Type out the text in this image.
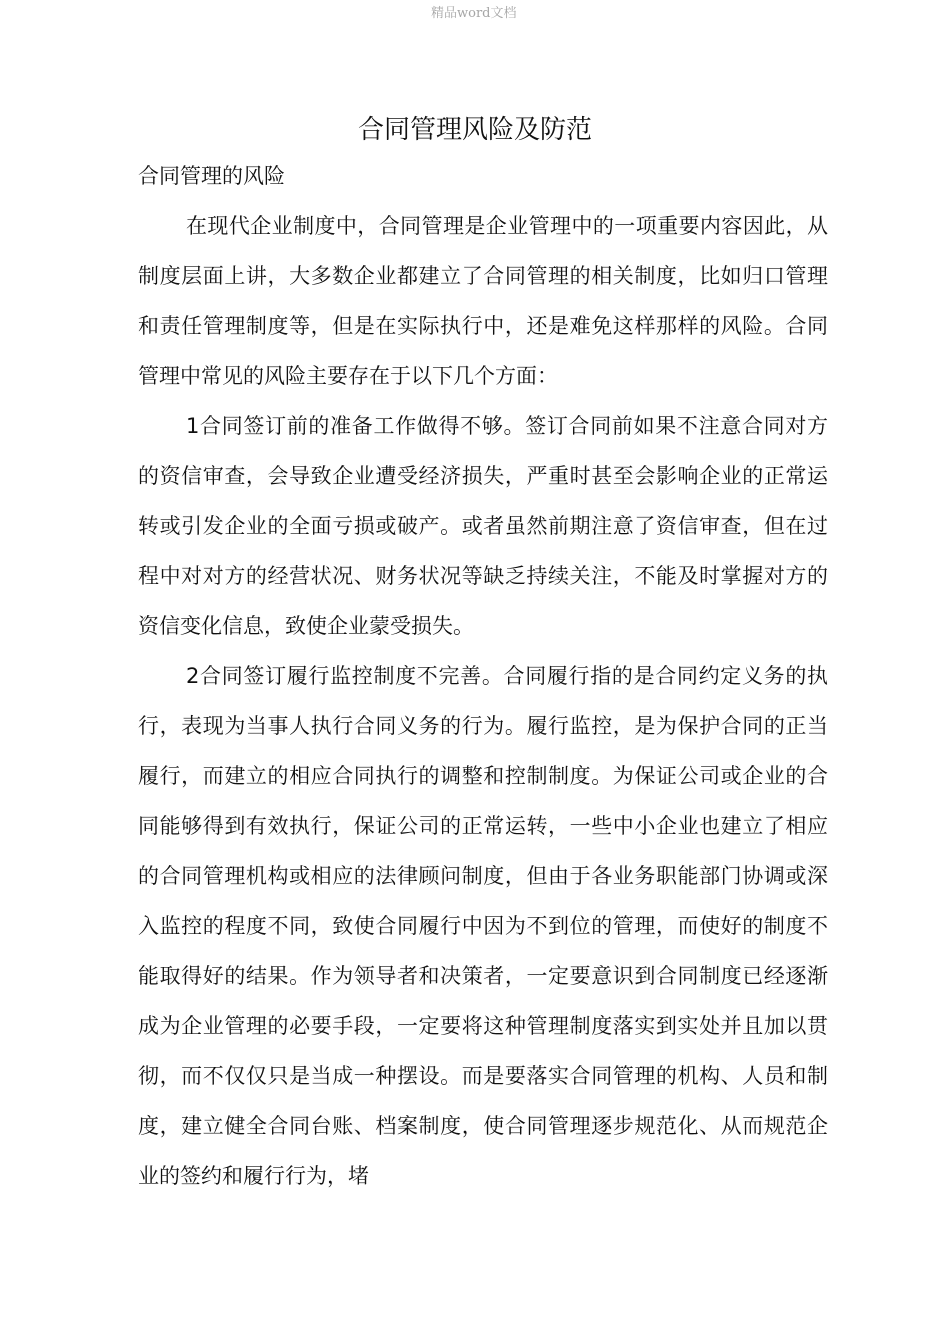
精品word文档
合同管理风险及防范
合同管理的风险

在现代企业制度中，合同管理是企业管理中的一项重要内容因此，从制度层面上讲，大多数企业都建立了合同管理的相关制度，比如归口管理和责任管理制度等，但是在实际执行中，还是难免这样那样的风险。合同管理中常见的风险主要存在于以下几个方面：

1合同签订前的准备工作做得不够。签订合同前如果不注意合同对方的资信审查，会导致企业遭受经济损失，严重时甚至会影响企业的正常运转或引发企业的全面亏损或破产。或者虽然前期注意了资信审查，但在过程中对对方的经营状况、财务状况等缺乏持续关注，不能及时掌握对方的资信变化信息，致使企业蒙受损失。

2合同签订履行监控制度不完善。合同履行指的是合同约定义务的执行，表现为当事人执行合同义务的行为。履行监控，是为保护合同的正当履行，而建立的相应合同执行的调整和控制制度。为保证公司或企业的合同能够得到有效执行，保证公司的正常运转，一些中小企业也建立了相应的合同管理机构或相应的法律顾问制度，但由于各业务职能部门协调或深入监控的程度不同，致使合同履行中因为不到位的管理，而使好的制度不能取得好的结果。作为领导者和决策者，一定要意识到合同制度已经逐渐成为企业管理的必要手段，一定要将这种管理制度落实到实处并且加以贯彻，而不仅仅只是当成一种摆设。而是要落实合同管理的机构、人员和制度，建立健全合同台账、档案制度，使合同管理逐步规范化、从而规范企业的签约和履行行为，堵
